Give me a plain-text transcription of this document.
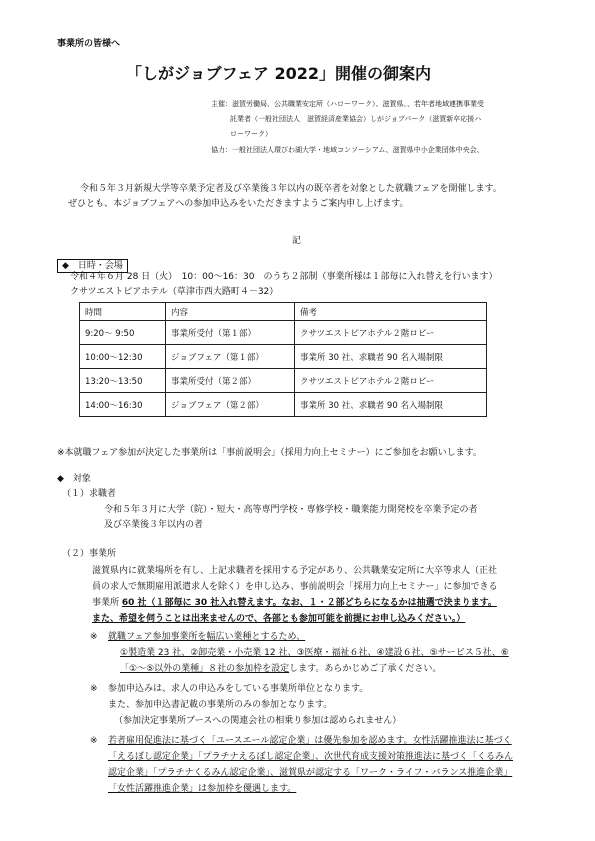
事業所の皆様へ
「しがジョブフェア 2022」開催の御案内
主催：滋賀労働局、公共職業安定所（ハローワーク）、滋賀県、、若年者地域連携事業受
託業者（一般社団法人　滋賀経済産業協会）しがジョブパーク（滋賀新卒応援ハ
ローワーク）
協力：一般社団法人環びわ湖大学・地域コンソーシアム、滋賀県中小企業団体中央会、
令和５年３月新規大学等卒業予定者及び卒業後３年以内の既卒者を対象とした就職フェアを開催します。
ぜひとも、本ジョブフェアへの参加申込みをいただきますようご案内申し上げます。
記
◆　日時・会場
令和４年６月 28 日（火）　10：00～16：30　のうち２部制（事業所様は１部毎に入れ替えを行います）
クサツエストピアホテル（草津市西大路町４－32）
時間	内容	備考
9:20～ 9:50	事業所受付（第１部）	クサツエストピアホテル２階ロビー
10:00～12:30	ジョブフェア（第１部）	事業所 30 社、求職者 90 名入場制限
13:20～13:50	事業所受付（第２部）	クサツエストピアホテル２階ロビー
14:00～16:30	ジョブフェア（第２部）	事業所 30 社、求職者 90 名入場制限
※本就職フェア参加が決定した事業所は「事前説明会」（採用力向上セミナー）にご参加をお願いします。
◆　対象
（１）求職者
令和５年３月に大学（院）・短大・高等専門学校・専修学校・職業能力開発校を卒業予定の者
及び卒業後３年以内の者
（２）事業所
滋賀県内に就業場所を有し、上記求職者を採用する予定があり、公共職業安定所に大卒等求人（正社
員の求人で無期雇用派遣求人を除く）を申し込み、事前説明会「採用力向上セミナー」に参加できる
事業所 60 社（１部毎に 30 社入れ替えます。なお、１・２部どちらになるかは抽選で決まります。
また、希望を伺うことは出来ませんので、各部とも参加可能を前提にお申し込みください。）
※ 就職フェア参加事業所を幅広い業種とするため、
①製造業 23 社、②卸売業・小売業 12 社、③医療・福祉６社、④建設６社、⑤サービス５社、⑥
「①～⑤以外の業種」８社の参加枠を設定します。あらかじめご了承ください。
※ 参加申込みは、求人の申込みをしている事業所単位となります。
また、参加申込書記載の事業所のみの参加となります。
（参加決定事業所ブースへの関連会社の相乗り参加は認められません）
※ 若者雇用促進法に基づく「ユースエール認定企業」は優先参加を認めます。女性活躍推進法に基づく
「えるぼし認定企業」「プラチナえるぼし認定企業」、次世代育成支援対策推進法に基づく「くるみん
認定企業」「プラチナくるみん認定企業」、滋賀県が認定する「ワーク・ライフ・バランス推進企業」
「女性活躍推進企業」は参加枠を優遇します。
